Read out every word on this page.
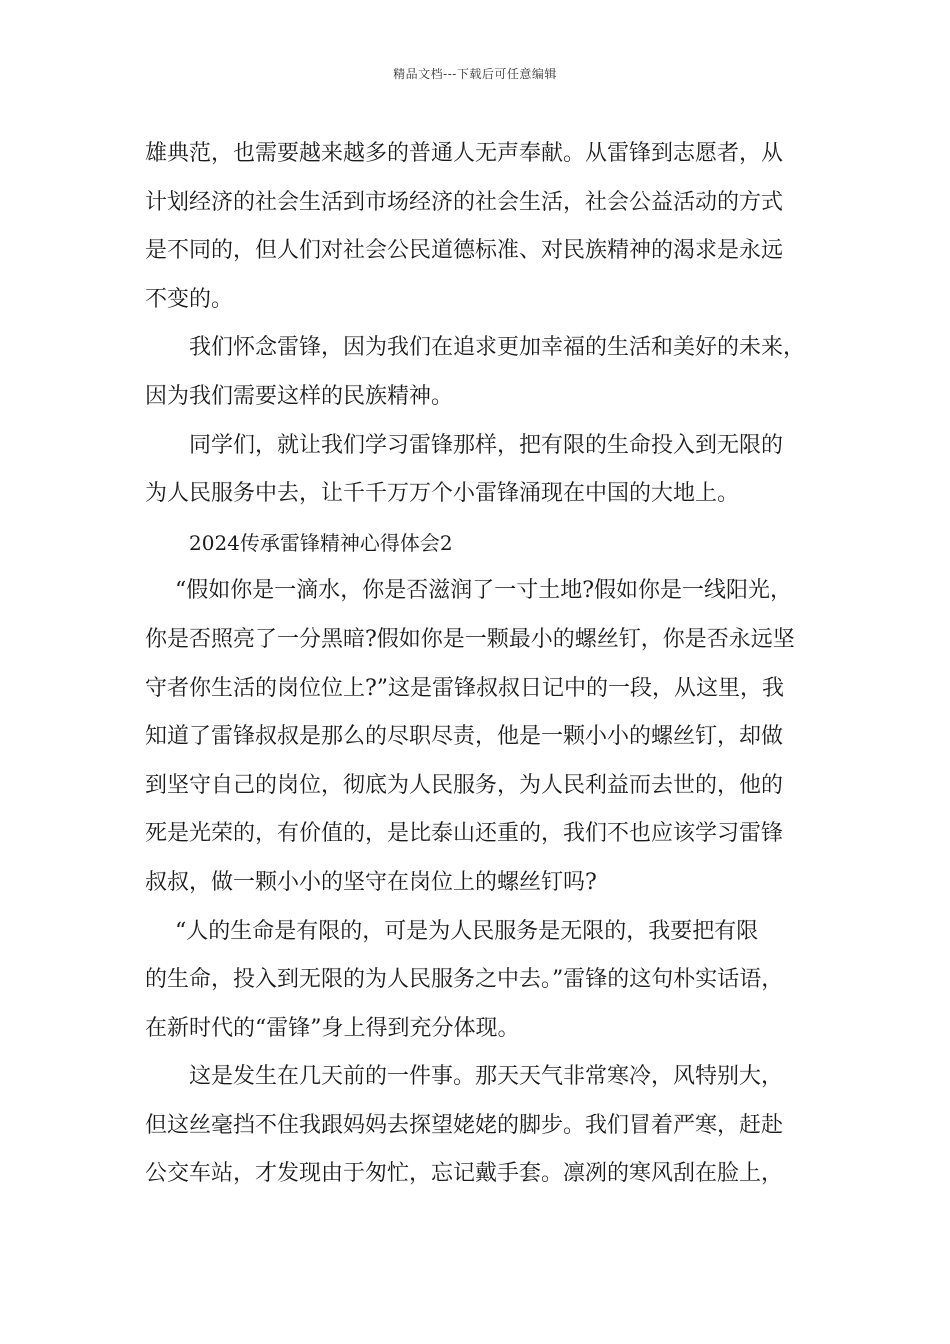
精品文档---下载后可任意编辑
雄典范，也需要越来越多的普通人无声奉献。从雷锋到志愿者，从
计划经济的社会生活到市场经济的社会生活，社会公益活动的方式
是不同的，但人们对社会公民道德标准、对民族精神的渴求是永远
不变的。
我们怀念雷锋，因为我们在追求更加幸福的生活和美好的未来，
因为我们需要这样的民族精神。
同学们，就让我们学习雷锋那样，把有限的生命投入到无限的
为人民服务中去，让千千万万个小雷锋涌现在中国的大地上。
2024传承雷锋精神心得体会2
“假如你是一滴水，你是否滋润了一寸土地?假如你是一线阳光，
你是否照亮了一分黑暗?假如你是一颗最小的螺丝钉，你是否永远坚
守者你生活的岗位位上?”这是雷锋叔叔日记中的一段，从这里，我
知道了雷锋叔叔是那么的尽职尽责，他是一颗小小的螺丝钉，却做
到坚守自己的岗位，彻底为人民服务，为人民利益而去世的，他的
死是光荣的，有价值的，是比泰山还重的，我们不也应该学习雷锋
叔叔，做一颗小小的坚守在岗位上的螺丝钉吗?
“人的生命是有限的，可是为人民服务是无限的，我要把有限
的生命，投入到无限的为人民服务之中去。”雷锋的这句朴实话语，
在新时代的“雷锋”身上得到充分体现。
这是发生在几天前的一件事。那天天气非常寒冷，风特别大，
但这丝毫挡不住我跟妈妈去探望姥姥的脚步。我们冒着严寒，赶赴
公交车站，才发现由于匆忙，忘记戴手套。凛冽的寒风刮在脸上，
